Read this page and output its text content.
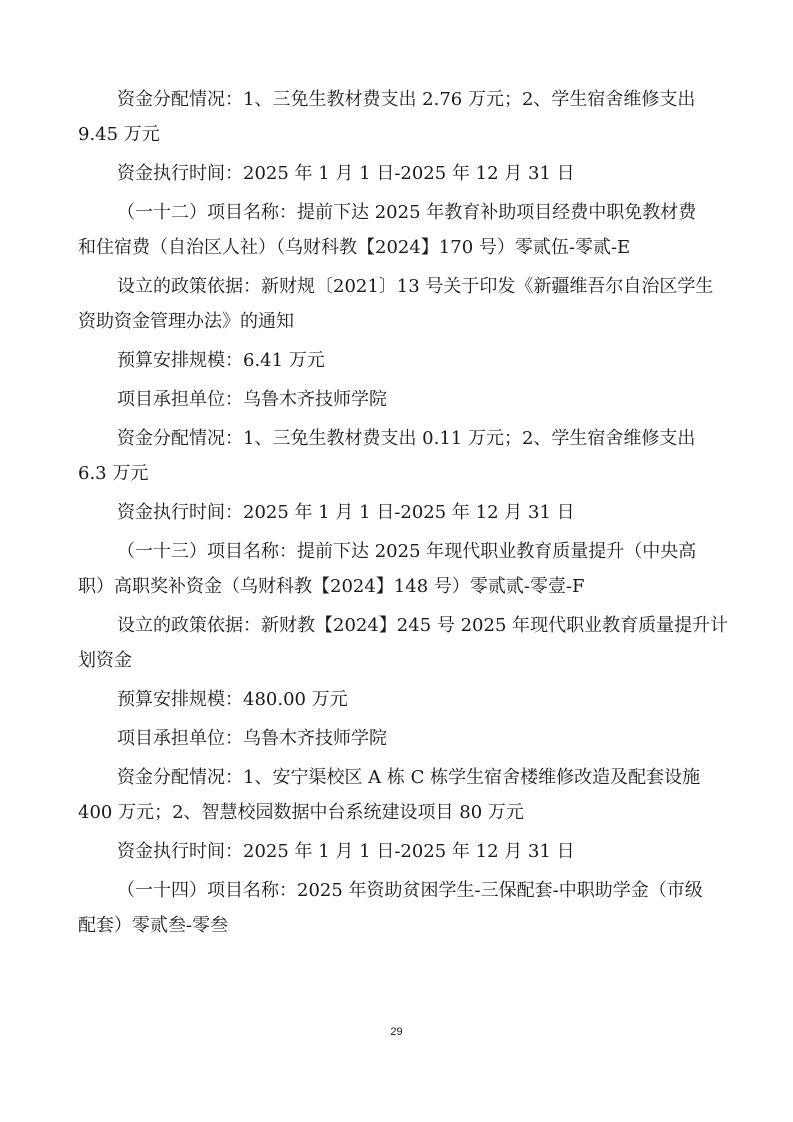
资金分配情况：1、三免生教材费支出 2.76 万元；2、学生宿舍维修支出
9.45 万元
资金执行时间：2025 年 1 月 1 日-2025 年 12 月 31 日
（一十二）项目名称：提前下达 2025 年教育补助项目经费中职免教材费
和住宿费（自治区人社）（乌财科教【2024】170 号）零贰伍-零贰-E
设立的政策依据：新财规〔2021〕13 号关于印发《新疆维吾尔自治区学生
资助资金管理办法》的通知
预算安排规模：6.41 万元
项目承担单位：乌鲁木齐技师学院
资金分配情况：1、三免生教材费支出 0.11 万元；2、学生宿舍维修支出
6.3 万元
资金执行时间：2025 年 1 月 1 日-2025 年 12 月 31 日
（一十三）项目名称：提前下达 2025 年现代职业教育质量提升（中央高
职）高职奖补资金（乌财科教【2024】148 号）零贰贰-零壹-F
设立的政策依据：新财教【2024】245 号 2025 年现代职业教育质量提升计
划资金
预算安排规模：480.00 万元
项目承担单位：乌鲁木齐技师学院
资金分配情况：1、安宁渠校区 A 栋 C 栋学生宿舍楼维修改造及配套设施
400 万元；2、智慧校园数据中台系统建设项目 80 万元
资金执行时间：2025 年 1 月 1 日-2025 年 12 月 31 日
（一十四）项目名称：2025 年资助贫困学生-三保配套-中职助学金（市级
配套）零贰叁-零叁
29
